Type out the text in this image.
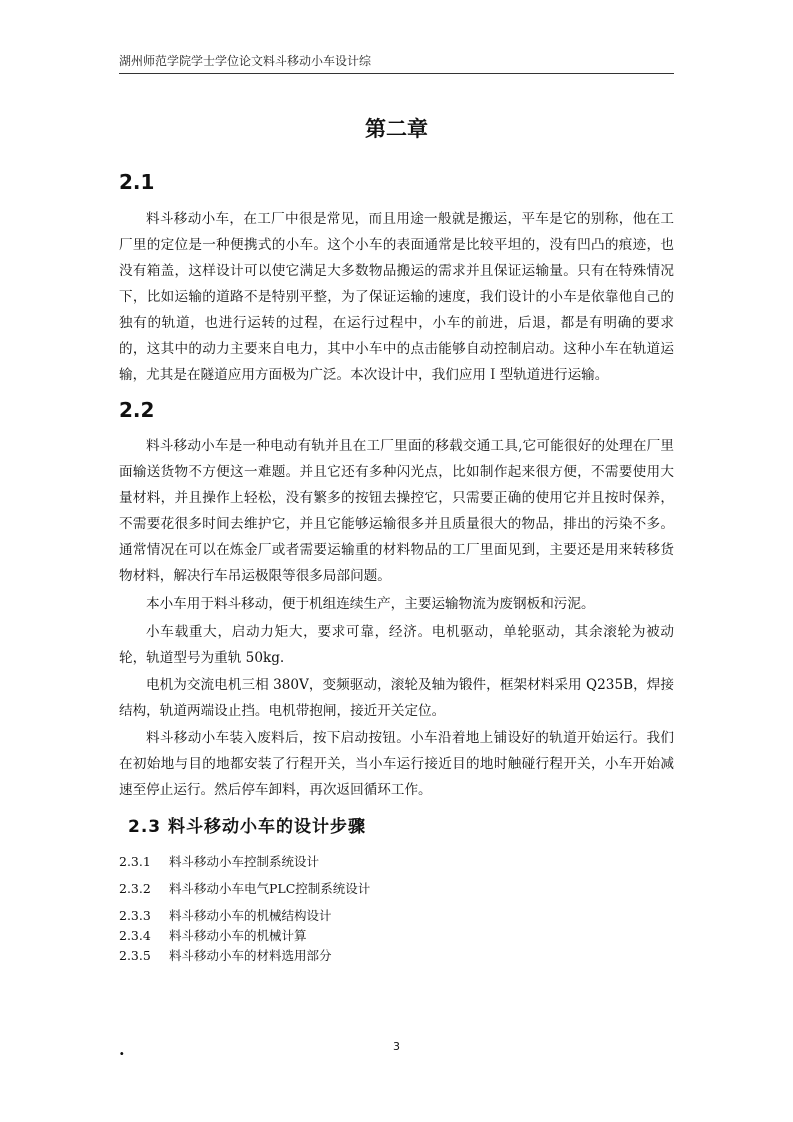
湖州师范学院学士学位论文料斗移动小车设计综
第二章
2.1

料斗移动小车，在工厂中很是常见，而且用途一般就是搬运，平车是它的别称，他在工厂里的定位是一种便携式的小车。这个小车的表面通常是比较平坦的，没有凹凸的痕迹，也没有箱盖，这样设计可以使它满足大多数物品搬运的需求并且保证运输量。只有在特殊情况下，比如运输的道路不是特别平整，为了保证运输的速度，我们设计的小车是依靠他自己的独有的轨道，也进行运转的过程，在运行过程中，小车的前进，后退，都是有明确的要求的，这其中的动力主要来自电力，其中小车中的点击能够自动控制启动。这种小车在轨道运输，尤其是在隧道应用方面极为广泛。本次设计中，我们应用Ｉ型轨道进行运输。

2.2

料斗移动小车是一种电动有轨并且在工厂里面的移载交通工具,它可能很好的处理在厂里面输送货物不方便这一难题。并且它还有多种闪光点，比如制作起来很方便，不需要使用大量材料，并且操作上轻松，没有繁多的按钮去操控它，只需要正确的使用它并且按时保养，不需要花很多时间去维护它，并且它能够运输很多并且质量很大的物品，排出的污染不多。通常情况在可以在炼金厂或者需要运输重的材料物品的工厂里面见到，主要还是用来转移货物材料，解决行车吊运极限等很多局部问题。

本小车用于料斗移动，便于机组连续生产，主要运输物流为废钢板和污泥。

小车载重大，启动力矩大，要求可靠，经济。电机驱动，单轮驱动，其余滚轮为被动轮，轨道型号为重轨 50kg.

电机为交流电机三相 380V，变频驱动，滚轮及轴为锻件，框架材料采用 Q235B，焊接结构，轨道两端设止挡。电机带抱闸，接近开关定位。

料斗移动小车装入废料后，按下启动按钮。小车沿着地上铺设好的轨道开始运行。我们在初始地与目的地都安装了行程开关，当小车运行接近目的地时触碰行程开关，小车开始减速至停止运行。然后停车卸料，再次返回循环工作。

2.3 料斗移动小车的设计步骤
2.3.1 料斗移动小车控制系统设计
2.3.2 料斗移动小车电气PLC控制系统设计
2.3.3 料斗移动小车的机械结构设计
2.3.4 料斗移动小车的机械计算
2.3.5 料斗移动小车的材料选用部分
.	3
